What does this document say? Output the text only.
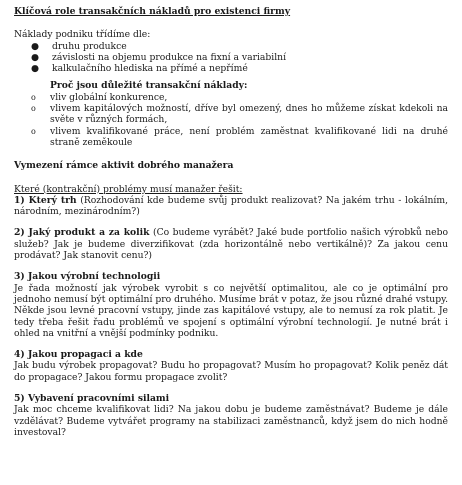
Klíčová role transakčních nákladů pro existenci firmy

Náklady podniku třídíme dle:

● druhu produkce
● závislosti na objemu produkce na fixní a variabilní
● kalkulačního hlediska na přímé a nepřímé

Proč jsou důležité transakční náklady:

o vliv globální konkurence,
o vlivem kapitálových možností, dříve byl omezený, dnes ho můžeme získat kdekoli na světe v různých formách,
o vlivem kvalifikované práce, není problém zaměstnat kvalifikované lidi na druhé straně zeměkoule

Vymezení rámce aktivit dobrého manažera

Které (kontrakční) problémy musí manažer řešit:

1) Který trh (Rozhodování kde budeme svůj produkt realizovat? Na jakém trhu - lokálním, národním, mezinárodním?)

2) Jaký produkt a za kolik (Co budeme vyrábět? Jaké bude portfolio našich výrobků nebo služeb? Jak je budeme diverzifikovat (zda horizontálně nebo vertikálně)? Za jakou cenu prodávat? Jak stanovit cenu?)

3) Jakou výrobní technologii

Je řada možností jak výrobek vyrobit s co největší optimalitou, ale co je optimální pro jednoho nemusí být optimální pro druhého. Musíme brát v potaz, že jsou různé drahé vstupy. Někde jsou levné pracovní vstupy, jinde zas kapitálové vstupy, ale to nemusí za rok platit. Je tedy třeba řešit řadu problémů ve spojení s optimální výrobní technologií. Je nutné brát i ohled na vnitřní a vnější podmínky podniku.

4) Jakou propagaci a kde

Jak budu výrobek propagovat? Budu ho propagovat? Musím ho propagovat? Kolik peněz dát do propagace? Jakou formu propagace zvolit?

5) Vybavení pracovními silami

Jak moc chceme kvalifikovat lidi? Na jakou dobu je budeme zaměstnávat? Budeme je dále vzdělávat? Budeme vytvářet programy na stabilizaci zaměstnanců, když jsem do nich hodně investoval?
